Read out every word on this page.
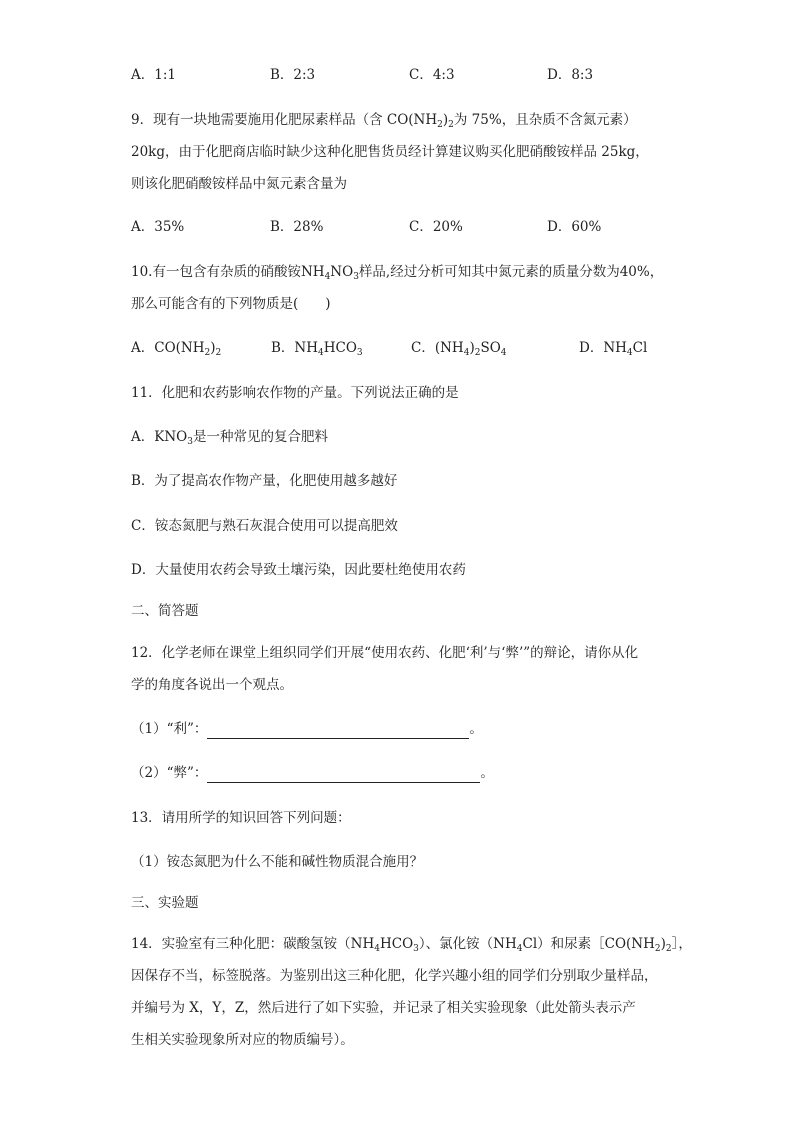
A．1:1	B．2:3	C．4:3	D．8:3
9．现有一块地需要施用化肥尿素样品（含 $CO(NH_2)_2$为 75%，且杂质不含氮元素）
20kg，由于化肥商店临时缺少这种化肥售货员经计算建议购买化肥硝酸铵样品 25kg，
则该化肥硝酸铵样品中氮元素含量为
A．35%	B．28%	C．20%	D．60%
10.有一包含有杂质的硝酸铵$NH_4NO_3$样品,经过分析可知其中氮元素的质量分数为40%，
那么可能含有的下列物质是(　　)
A．$CO(NH_2)_2$	B．$NH_4HCO_3$	C．$(NH_4)_2SO_4$	D．$NH_4Cl$
11．化肥和农药影响农作物的产量。下列说法正确的是
A．$KNO_3$是一种常见的复合肥料
B．为了提高农作物产量，化肥使用越多越好
C．铵态氮肥与熟石灰混合使用可以提高肥效
D．大量使用农药会导致土壤污染，因此要杜绝使用农药
二、简答题
12．化学老师在课堂上组织同学们开展“使用农药、化肥‘利’与‘弊’”的辩论，请你从化
学的角度各说出一个观点。
（1）“利”：	。
（2）“弊”：	。
13．请用所学的知识回答下列问题：
（1）铵态氮肥为什么不能和碱性物质混合施用？
三、实验题
14．实验室有三种化肥：碳酸氢铵$(NH_4HCO_3)$、氯化铵$(NH_4Cl)$和尿素$[CO(NH_2)_2]$，
因保存不当，标签脱落。为鉴别出这三种化肥，化学兴趣小组的同学们分别取少量样品，
并编号为 X，Y，Z，然后进行了如下实验，并记录了相关实验现象（此处箭头表示产
生相关实验现象所对应的物质编号）。
